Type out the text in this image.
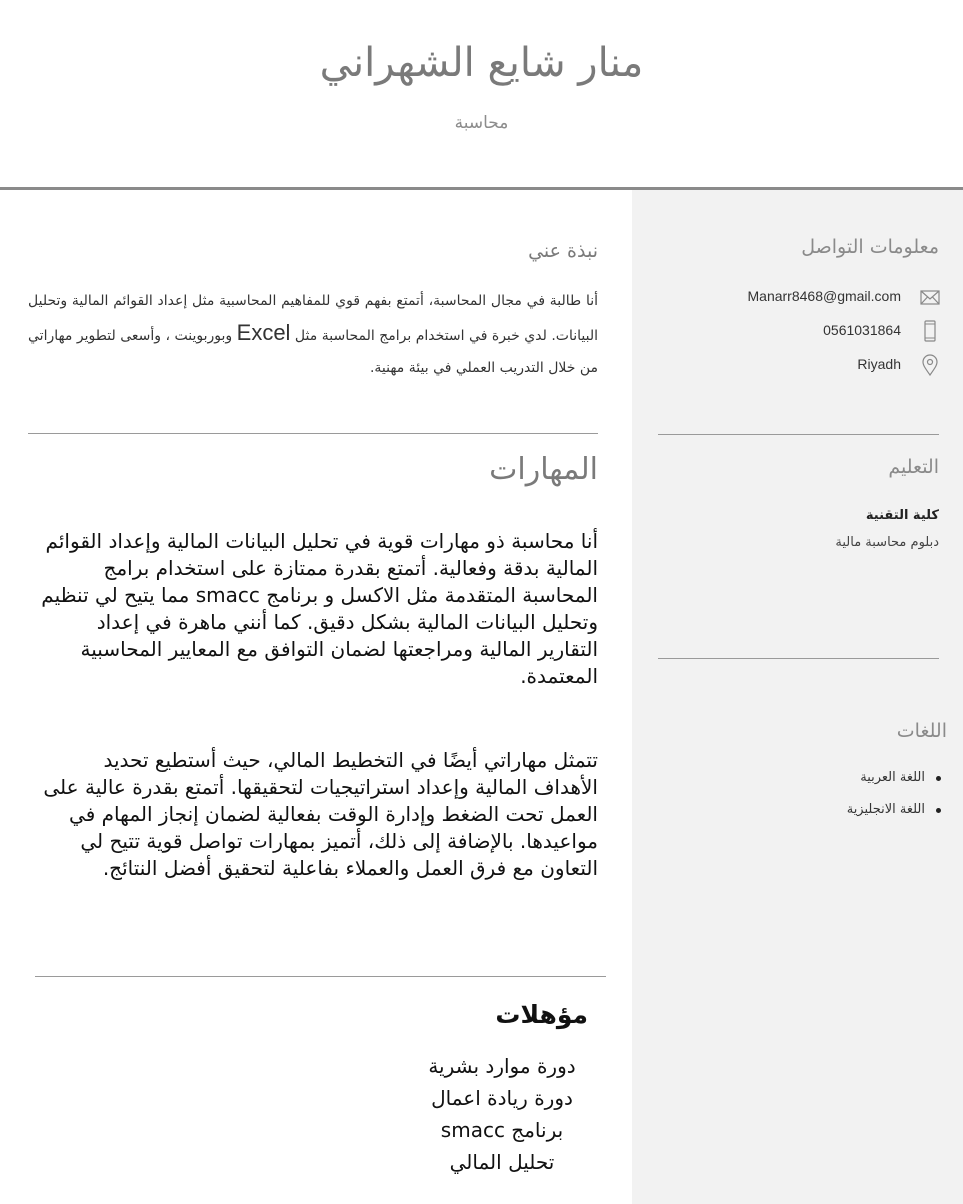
منار شايع الشهراني
محاسبة
معلومات التواصل
Manarr8468@gmail.com
0561031864
Riyadh
التعليم
كلية التقنية
دبلوم محاسبة مالية
اللغات
اللغة العربية
اللغة الانجليزية
نبذة عني
أنا طالبة في مجال المحاسبة، أتمتع بفهم قوي للمفاهيم المحاسبية مثل إعداد القوائم المالية وتحليل البيانات. لدي خبرة في استخدام برامج المحاسبة مثل Excel وبوربوينت ، وأسعى لتطوير مهاراتي من خلال التدريب العملي في بيئة مهنية.
المهارات
أنا محاسبة ذو مهارات قوية في تحليل البيانات المالية وإعداد القوائم المالية بدقة وفعالية. أتمتع بقدرة ممتازة على استخدام برامج المحاسبة المتقدمة مثل الاكسل و برنامج smacc مما يتيح لي تنظيم وتحليل البيانات المالية بشكل دقيق. كما أنني ماهرة في إعداد التقارير المالية ومراجعتها لضمان التوافق مع المعايير المحاسبية المعتمدة.
تتمثل مهاراتي أيضًا في التخطيط المالي، حيث أستطيع تحديد الأهداف المالية وإعداد استراتيجيات لتحقيقها. أتمتع بقدرة عالية على العمل تحت الضغط وإدارة الوقت بفعالية لضمان إنجاز المهام في مواعيدها. بالإضافة إلى ذلك، أتميز بمهارات تواصل قوية تتيح لي التعاون مع فرق العمل والعملاء بفاعلية لتحقيق أفضل النتائج.
مؤهلات
دورة موارد بشرية
دورة ريادة اعمال
برنامج smacc
تحليل المالي
